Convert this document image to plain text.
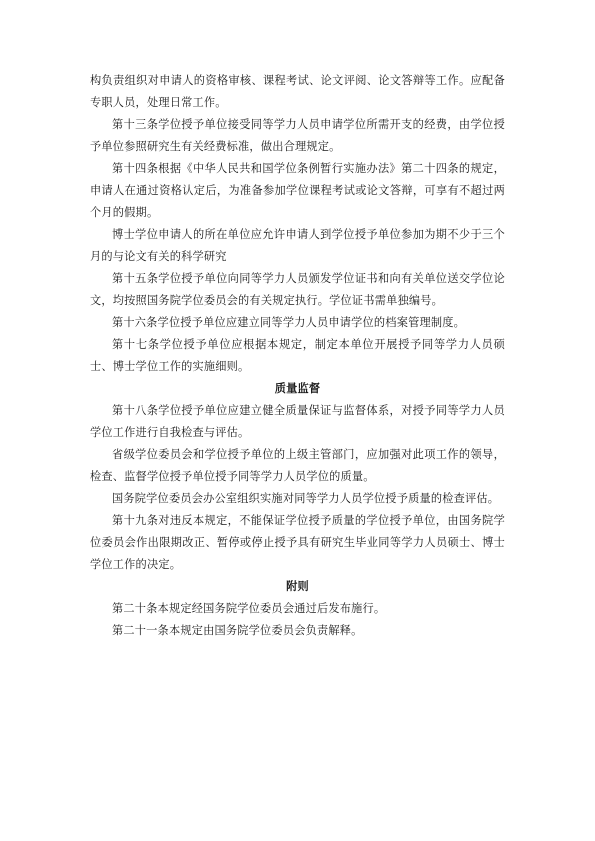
构负责组织对申请人的资格审核、课程考试、论文评阅、论文答辩等工作。应配备专职人员，处理日常工作。

第十三条学位授予单位接受同等学力人员申请学位所需开支的经费，由学位授予单位参照研究生有关经费标准，做出合理规定。

第十四条根据《中华人民共和国学位条例暂行实施办法》第二十四条的规定，申请人在通过资格认定后，为准备参加学位课程考试或论文答辩，可享有不超过两个月的假期。

博士学位申请人的所在单位应允许申请人到学位授予单位参加为期不少于三个月的与论文有关的科学研究

第十五条学位授予单位向同等学力人员颁发学位证书和向有关单位送交学位论文，均按照国务院学位委员会的有关规定执行。学位证书需单独编号。

第十六条学位授予单位应建立同等学力人员申请学位的档案管理制度。

第十七条学位授予单位应根据本规定，制定本单位开展授予同等学力人员硕士、博士学位工作的实施细则。

质量监督

第十八条学位授予单位应建立健全质量保证与监督体系，对授予同等学力人员学位工作进行自我检查与评估。

省级学位委员会和学位授予单位的上级主管部门，应加强对此项工作的领导，检查、监督学位授予单位授予同等学力人员学位的质量。

国务院学位委员会办公室组织实施对同等学力人员学位授予质量的检查评估。

第十九条对违反本规定，不能保证学位授予质量的学位授予单位，由国务院学位委员会作出限期改正、暂停或停止授予具有研究生毕业同等学力人员硕士、博士学位工作的决定。

附则

第二十条本规定经国务院学位委员会通过后发布施行。

第二十一条本规定由国务院学位委员会负责解释。
